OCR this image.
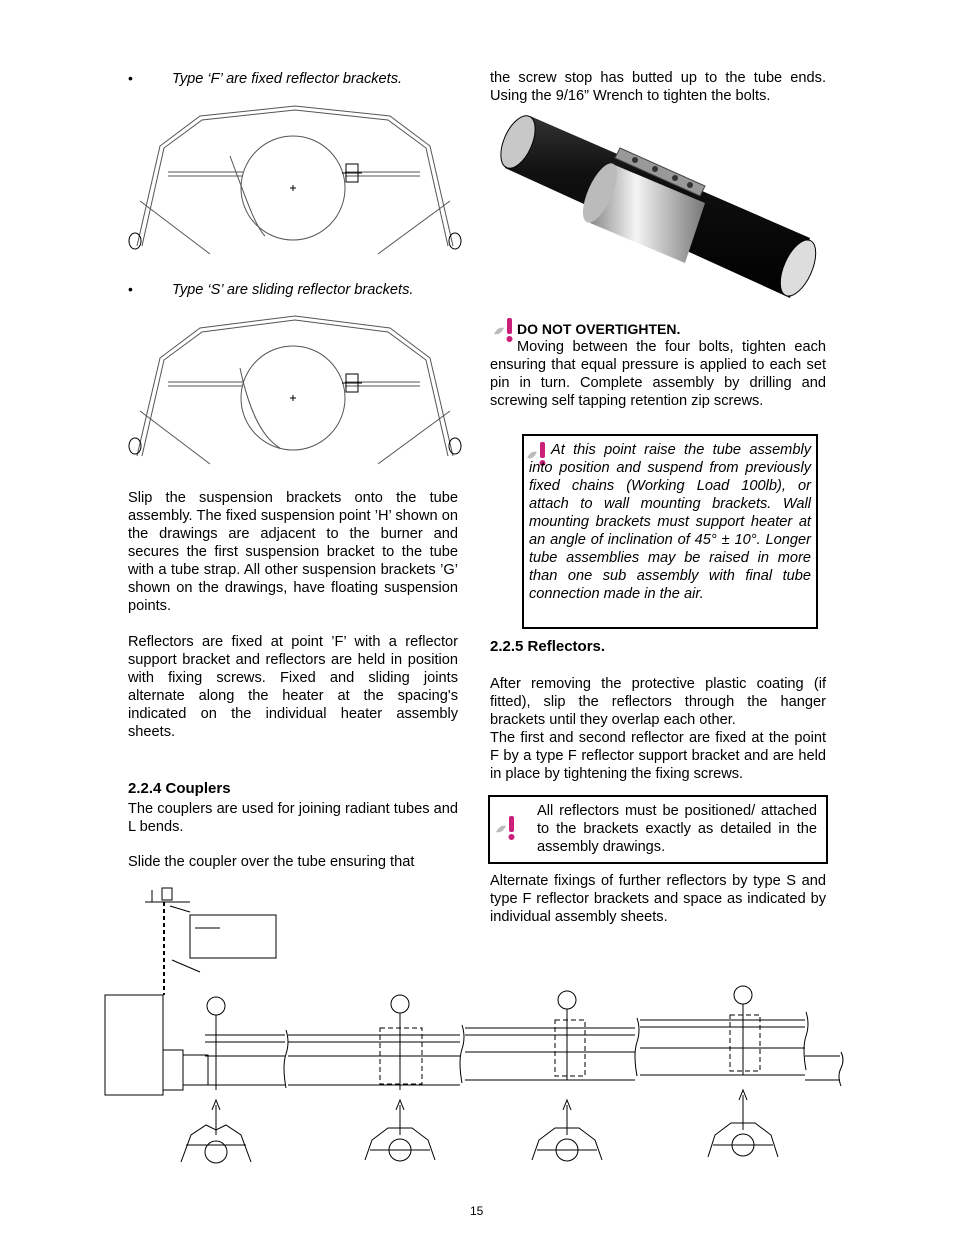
•	Type ‘F’ are fixed reflector brackets.
•	Type ‘S’ are sliding reflector brackets.
Slip the suspension brackets onto the tube assembly. The fixed suspension point ’H’ shown on the drawings are adjacent to the burner and secures the first suspension bracket to the tube with a tube strap. All other suspension brackets ’G’ shown on the drawings, have floating suspension points.
Reflectors are fixed at point ’F’ with a reflector support bracket and reflectors are held in position with fixing screws. Fixed and sliding joints alternate along the heater at the spacing's indicated on the individual heater assembly sheets.
2.2.4 Couplers
The couplers are used for joining radiant tubes and L bends.
Slide the coupler over the tube ensuring that
the screw stop has butted up to the tube ends. Using the 9/16” Wrench to tighten the bolts.
DO NOT OVERTIGHTEN.
Moving between the four bolts, tighten each ensuring that equal pressure is applied to each set pin in turn. Complete assembly by drilling and screwing self tapping retention zip screws.
At this point raise the tube assembly into position and suspend from previously fixed chains (Working Load 100lb), or attach to wall mounting brackets. Wall mounting brackets must support heater at an angle of inclination of 45° ± 10°. Longer tube assemblies may be raised in more than one sub assembly with final tube connection made in the air.
2.2.5 Reflectors.
After removing the protective plastic coating (if fitted), slip the reflectors through the hanger brackets until they overlap each other.
The first and second reflector are fixed at the point F by a type F reflector support bracket and are held in place by tightening the fixing screws.
All reflectors must be positioned/ attached to the brackets exactly as detailed in the assembly drawings.
Alternate fixings of further reflectors by type S and type F reflector brackets and space as indicated by individual assembly sheets.
15
